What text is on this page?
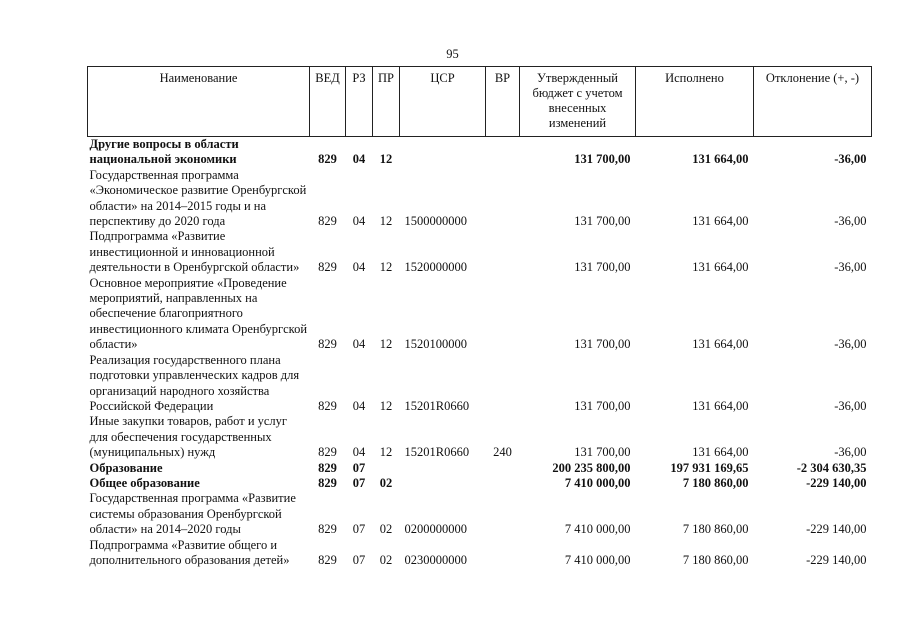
95
Наименование	ВЕД	РЗ	ПР	ЦСР	ВР	Утвержденный бюджет с учетом внесенных изменений	Исполнено	Отклонение (+, -)
Другие вопросы в области национальной экономики	829	04	12			131 700,00	131 664,00	-36,00
Государственная программа «Экономическое развитие Оренбургской области» на 2014–2015 годы и на перспективу до 2020 года	829	04	12	1500000000		131 700,00	131 664,00	-36,00
Подпрограмма «Развитие инвестиционной и инновационной деятельности в Оренбургской области»	829	04	12	1520000000		131 700,00	131 664,00	-36,00
Основное мероприятие «Проведение мероприятий, направленных на обеспечение благоприятного инвестиционного климата Оренбургской области»	829	04	12	1520100000		131 700,00	131 664,00	-36,00
Реализация государственного плана подготовки управленческих кадров для организаций народного хозяйства Российской Федерации	829	04	12	15201R0660		131 700,00	131 664,00	-36,00
Иные закупки товаров, работ и услуг для обеспечения государственных (муниципальных) нужд	829	04	12	15201R0660	240	131 700,00	131 664,00	-36,00
Образование	829	07				200 235 800,00	197 931 169,65	-2 304 630,35
Общее образование	829	07	02			7 410 000,00	7 180 860,00	-229 140,00
Государственная программа «Развитие системы образования Оренбургской области» на 2014–2020 годы	829	07	02	0200000000		7 410 000,00	7 180 860,00	-229 140,00
Подпрограмма «Развитие общего и дополнительного образования детей»	829	07	02	0230000000		7 410 000,00	7 180 860,00	-229 140,00
